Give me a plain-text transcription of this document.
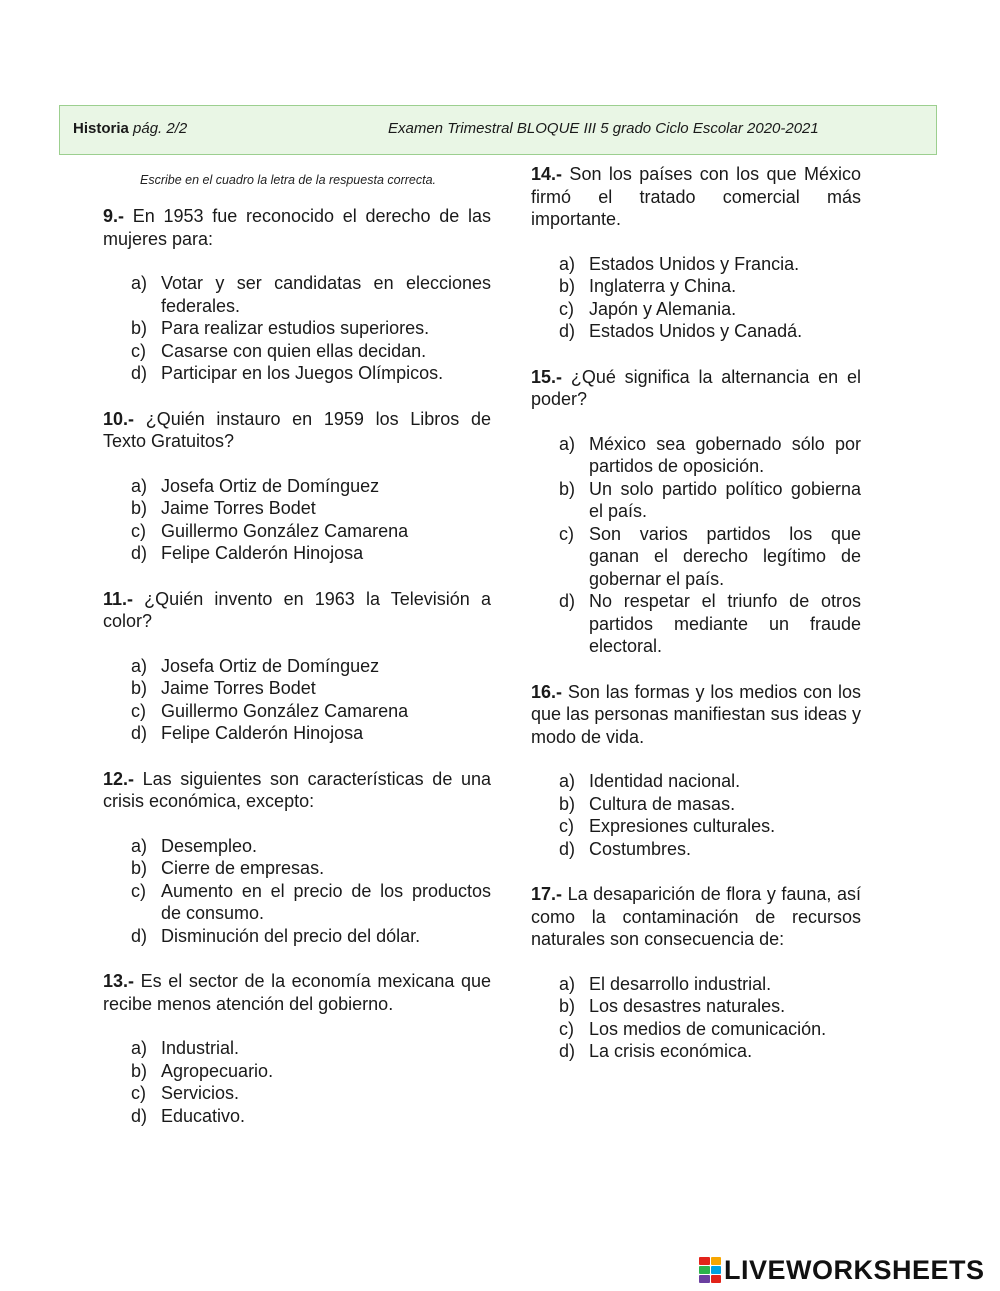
Historia pág. 2/2	Examen Trimestral BLOQUE III 5 grado Ciclo Escolar 2020-2021
Escribe en el cuadro la letra de la respuesta correcta.

9.- En 1953 fue reconocido el derecho de las mujeres para:

a) Votar y ser candidatas en elecciones federales.
b) Para realizar estudios superiores.
c) Casarse con quien ellas decidan.
d) Participar en los Juegos Olímpicos.

10.- ¿Quién instauro en 1959 los Libros de Texto Gratuitos?

a) Josefa Ortiz de Domínguez
b) Jaime Torres Bodet
c) Guillermo González Camarena
d) Felipe Calderón Hinojosa

11.- ¿Quién invento en 1963 la Televisión a color?

a) Josefa Ortiz de Domínguez
b) Jaime Torres Bodet
c) Guillermo González Camarena
d) Felipe Calderón Hinojosa

12.- Las siguientes son características de una crisis económica, excepto:

a) Desempleo.
b) Cierre de empresas.
c) Aumento en el precio de los productos de consumo.
d) Disminución del precio del dólar.

13.- Es el sector de la economía mexicana que recibe menos atención del gobierno.

a) Industrial.
b) Agropecuario.
c) Servicios.
d) Educativo.

14.- Son los países con los que México firmó el tratado comercial más importante.

a) Estados Unidos y Francia.
b) Inglaterra y China.
c) Japón y Alemania.
d) Estados Unidos y Canadá.

15.- ¿Qué significa la alternancia en el poder?

a) México sea gobernado sólo por partidos de oposición.
b) Un solo partido político gobierna el país.
c) Son varios partidos los que ganan el derecho legítimo de gobernar el país.
d) No respetar el triunfo de otros partidos mediante un fraude electoral.

16.- Son las formas y los medios con los que las personas manifiestan sus ideas y modo de vida.

a) Identidad nacional.
b) Cultura de masas.
c) Expresiones culturales.
d) Costumbres.

17.- La desaparición de flora y fauna, así como la contaminación de recursos naturales son consecuencia de:

a) El desarrollo industrial.
b) Los desastres naturales.
c) Los medios de comunicación.
d) La crisis económica.
LIVEWORKSHEETS
